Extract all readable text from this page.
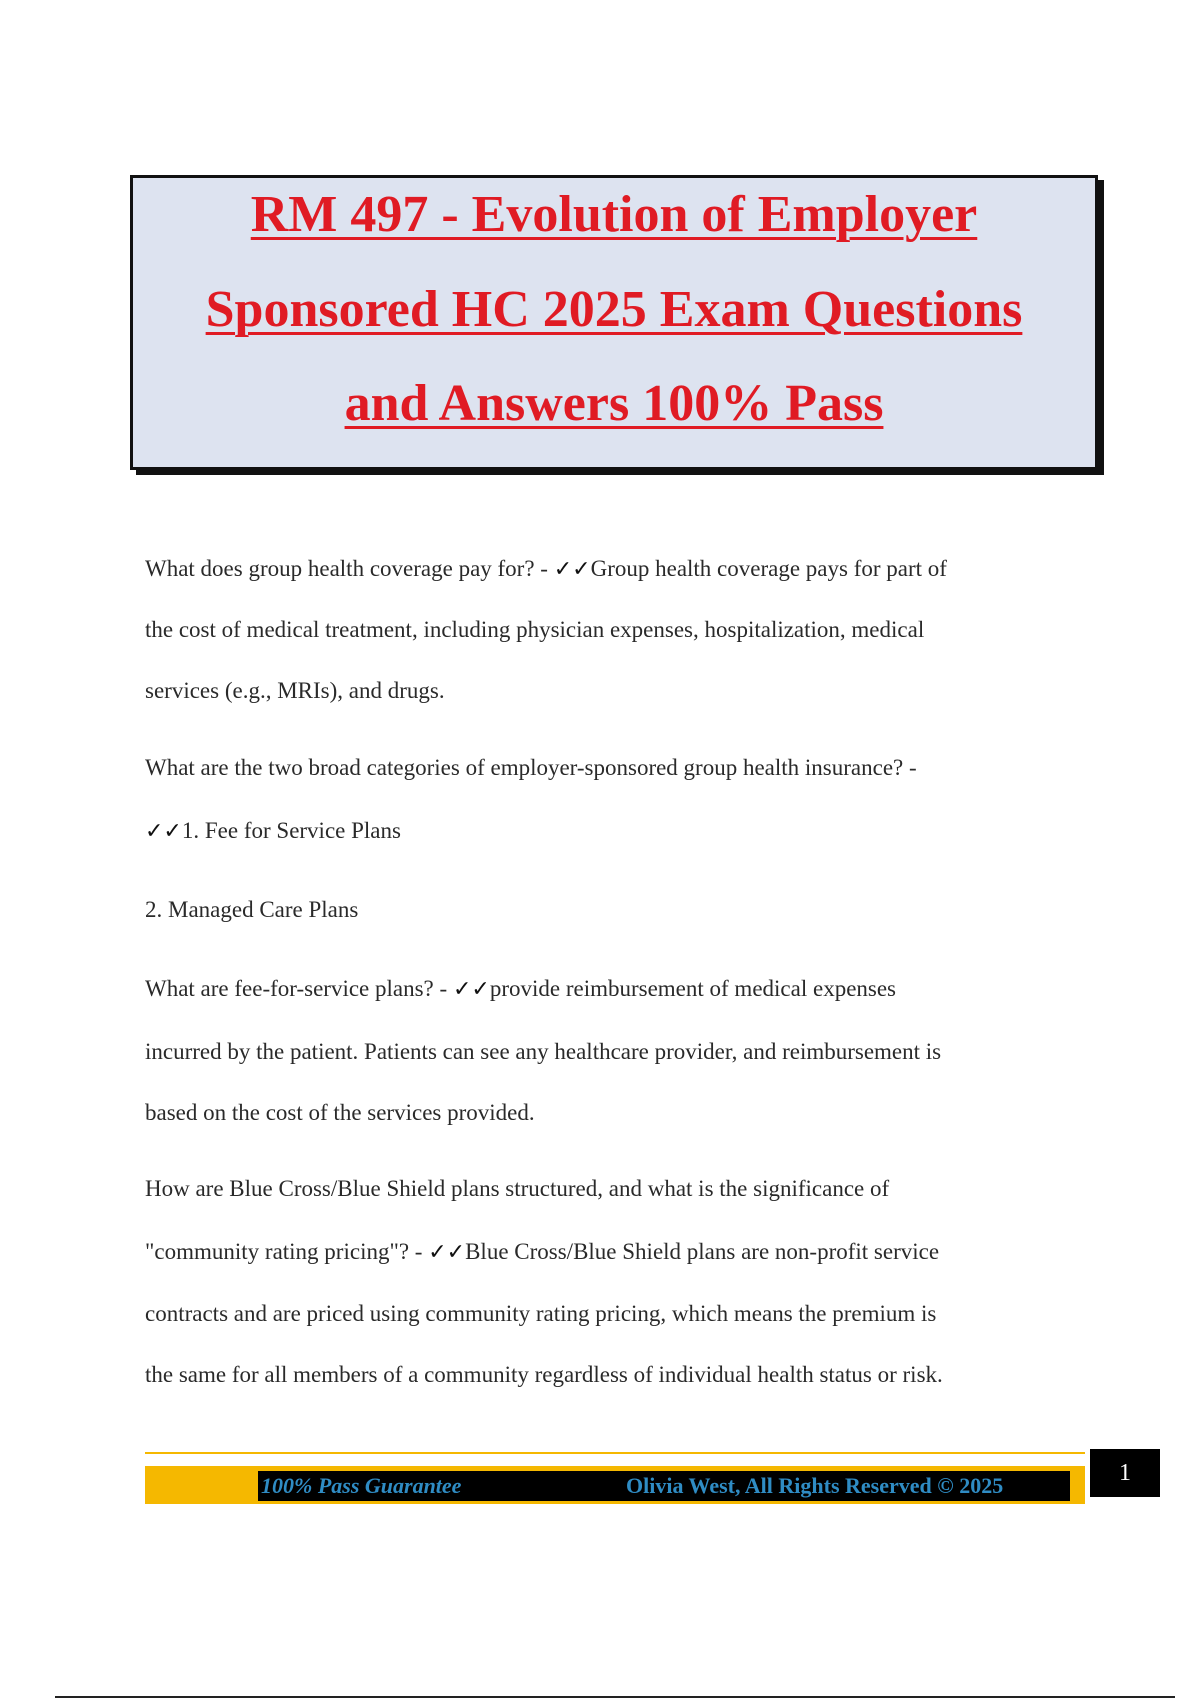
RM 497 - Evolution of Employer
Sponsored HC 2025 Exam Questions
and Answers 100% Pass
What does group health coverage pay for? - ✓✓Group health coverage pays for part of
the cost of medical treatment, including physician expenses, hospitalization, medical
services (e.g., MRIs), and drugs.
What are the two broad categories of employer-sponsored group health insurance? -
✓✓1. Fee for Service Plans
2. Managed Care Plans
What are fee-for-service plans? - ✓✓provide reimbursement of medical expenses
incurred by the patient. Patients can see any healthcare provider, and reimbursement is
based on the cost of the services provided.
How are Blue Cross/Blue Shield plans structured, and what is the significance of
"community rating pricing"? - ✓✓Blue Cross/Blue Shield plans are non-profit service
contracts and are priced using community rating pricing, which means the premium is
the same for all members of a community regardless of individual health status or risk.
100% Pass Guarantee	Olivia West, All Rights Reserved © 2025	1
